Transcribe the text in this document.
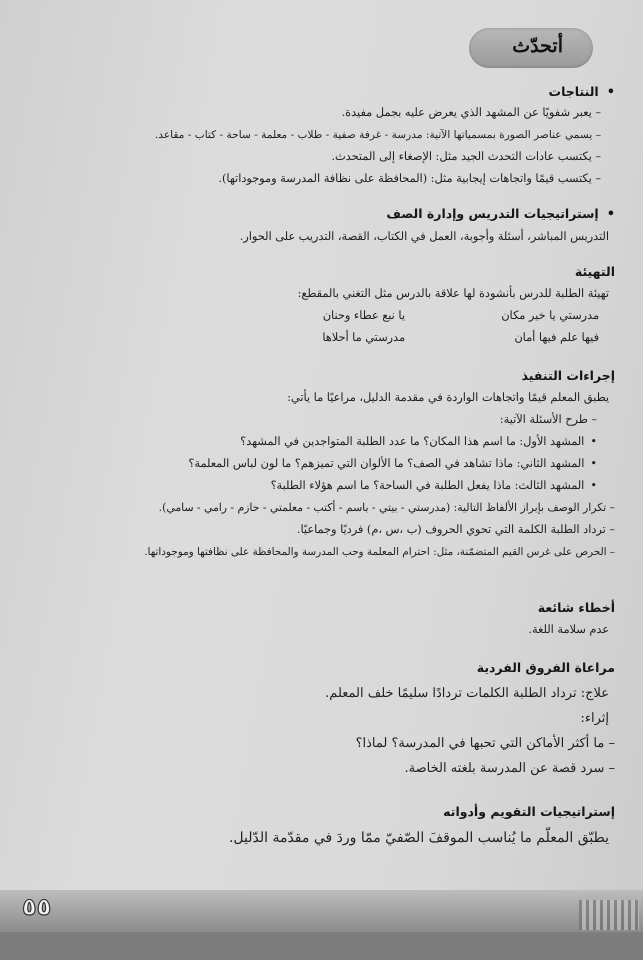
أتحدّث
• النتاجات
– يعبر شفويًا عن المشهد الذي يعرض عليه بجمل مفيدة.
– يسمي عناصر الصورة بمسمياتها الآتية: مدرسة - غرفة صفية - طلاب - معلمة - ساحة - كتاب - مقاعد.
– يكتسب عادات التحدث الجيد مثل: الإصغاء إلى المتحدث.
– يكتسب قيمًا واتجاهات إيجابية مثل: (المحافظة على نظافة المدرسة وموجوداتها).
• إستراتيجيات التدريس وإدارة الصف
التدريس المباشر، أسئلة وأجوبة، العمل في الكتاب، القصة، التدريب على الحوار.
التهيئة
تهيئة الطلبة للدرس بأنشودة لها علاقة بالدرس مثل التغني بالمقطع:
مدرستي يا خير مكان
يا نبع عطاء وحنان
فيها علم فيها أمان
مدرستي ما أحلاها
إجراءات التنفيذ
يطبق المعلم قيمًا واتجاهات الواردة في مقدمة الدليل، مراعيًا ما يأتي:
– طرح الأسئلة الآتية:
• المشهد الأول: ما اسم هذا المكان؟ ما عدد الطلبة المتواجدين في المشهد؟
• المشهد الثاني: ماذا تشاهد في الصف؟ ما الألوان التي تميزهم؟ ما لون لباس المعلمة؟
• المشهد الثالث: ماذا يفعل الطلبة في الساحة؟ ما اسم هؤلاء الطلبة؟
– تكرار الوصف بإبراز الألفاظ التالية: (مدرستي - بيتي - باسم - أكتب - معلمتي - حازم - رامي - سامي).
– ترداد الطلبة الكلمة التي تحوي الحروف (ب ،س ،م) فرديًا وجماعيًا.
– الحرص على غرس القيم المتضمّنة، مثل: احترام المعلمة وحب المدرسة والمحافظة على نظافتها وموجوداتها.
أخطاء شائعة
عدم سلامة اللغة.
مراعاة الفروق الفردية
علاج: ترداد الطلبة الكلمات تردادًا سليمًا خلف المعلم.
إثراء:
– ما أكثر الأماكن التي تحبها في المدرسة؟ لماذا؟
– سرد قصة عن المدرسة بلغته الخاصة.
إستراتيجيات التقويم وأدواته
يطبّق المعلّم ما يُناسب الموقفَ الصّفيّ ممّا وردَ في مقدّمة الدّليل.
٥٥
